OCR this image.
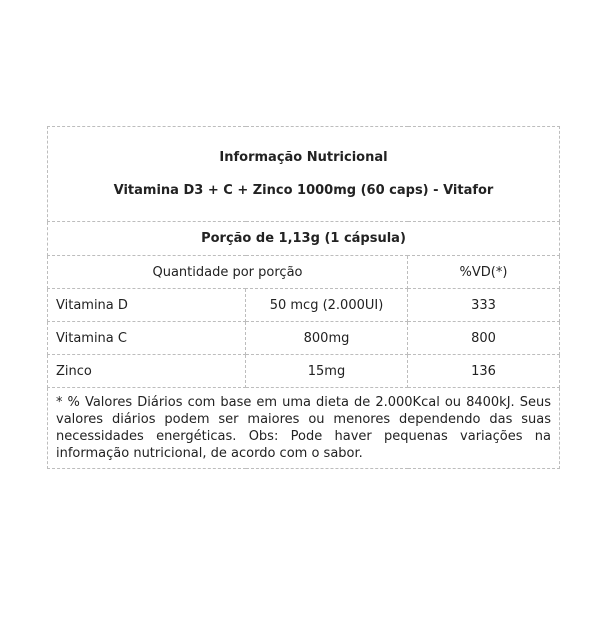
Informação Nutricional
Vitamina D3 + C + Zinco 1000mg (60 caps) - Vitafor		

Porção de 1,13g (1 cápsula)		
Quantidade por porção		%VD(*)
Vitamina D	50 mcg (2.000UI)	333
Vitamina C	800mg	800
Zinco	15mg	136
* % Valores Diários com base em uma dieta de 2.000Kcal ou 8400kJ. Seus valores diários podem ser maiores ou menores dependendo das suas necessidades energéticas. Obs: Pode haver pequenas variações na informação nutricional, de acordo com o sabor.		
